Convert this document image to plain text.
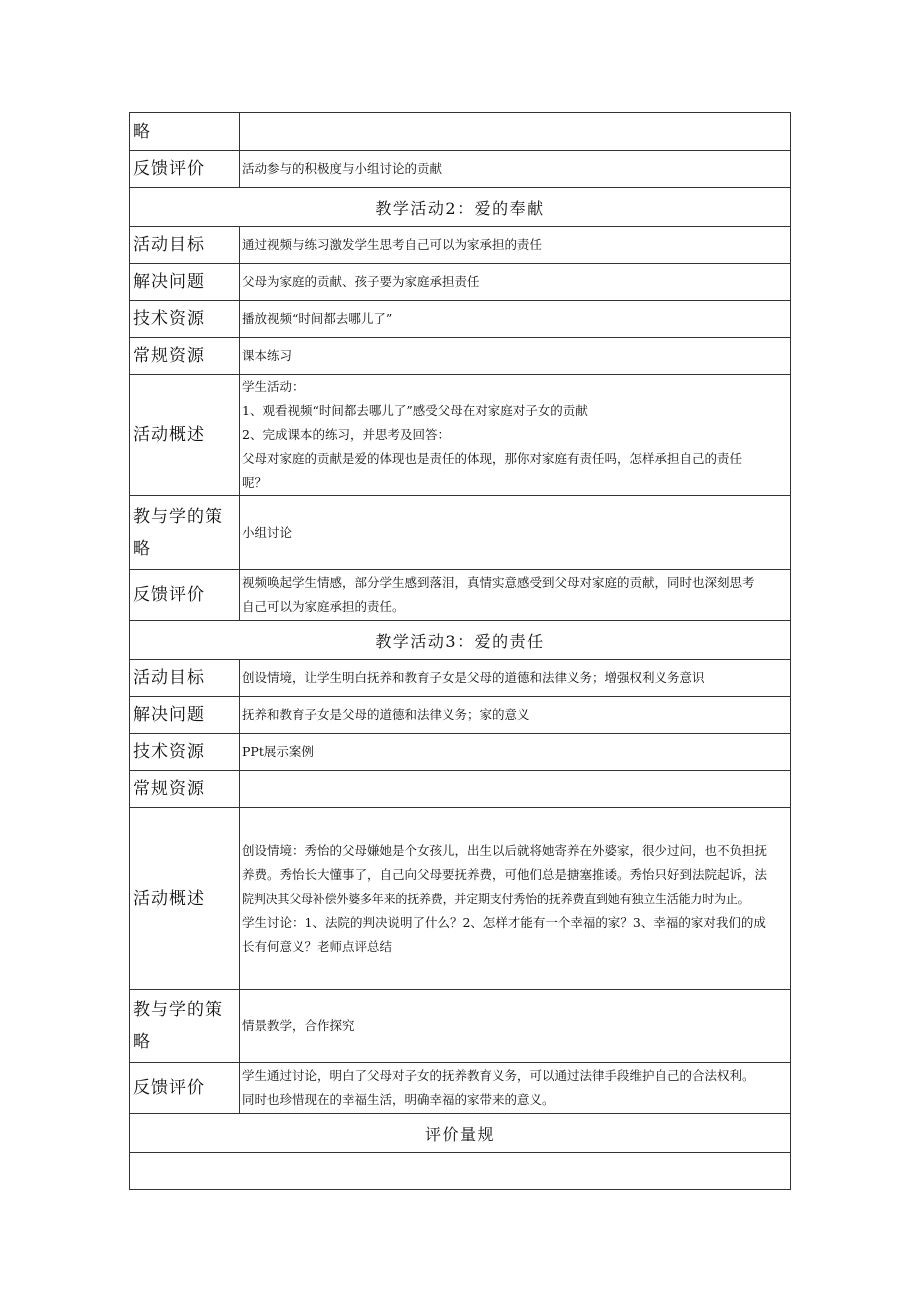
略	
反馈评价	活动参与的积极度与小组讨论的贡献
教学活动2：爱的奉献	
活动目标	通过视频与练习激发学生思考自己可以为家承担的责任
解决问题	父母为家庭的贡献、孩子要为家庭承担责任
技术资源	播放视频“时间都去哪儿了”
常规资源	课本练习
活动概述	学生活动：
1、观看视频“时间都去哪儿了”感受父母在对家庭对子女的贡献
2、完成课本的练习，并思考及回答：
父母对家庭的贡献是爱的体现也是责任的体现，那你对家庭有责任吗，怎样承担自己的责任
呢？

教与学的策
略	小组讨论
反馈评价	视频唤起学生情感，部分学生感到落泪，真情实意感受到父母对家庭的贡献，同时也深刻思考
自己可以为家庭承担的责任。

教学活动3：爱的责任	
活动目标	创设情境，让学生明白抚养和教育子女是父母的道德和法律义务；增强权利义务意识
解决问题	抚养和教育子女是父母的道德和法律义务；家的意义
技术资源	PPt展示案例
常规资源	
活动概述	创设情境：秀怡的父母嫌她是个女孩儿，出生以后就将她寄养在外婆家，很少过问，也不负担抚
养费。秀怡长大懂事了，自己向父母要抚养费，可他们总是搪塞推诿。秀怡只好到法院起诉，法
院判决其父母补偿外婆多年来的抚养费，并定期支付秀怡的抚养费直到她有独立生活能力时为止。
学生讨论：1、法院的判决说明了什么？2、怎样才能有一个幸福的家？3、幸福的家对我们的成
长有何意义？老师点评总结

教与学的策
略	情景教学，合作探究
反馈评价	学生通过讨论，明白了父母对子女的抚养教育义务，可以通过法律手段维护自己的合法权利。
同时也珍惜现在的幸福生活，明确幸福的家带来的意义。

评价量规	
